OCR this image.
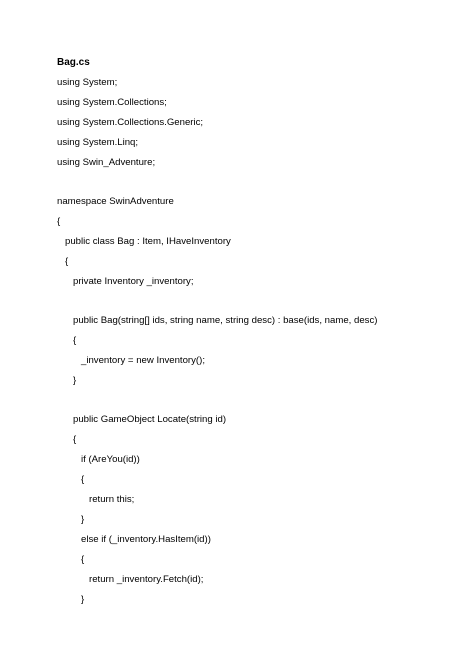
Bag.cs
using System;
using System.Collections;
using System.Collections.Generic;
using System.Linq;
using Swin_Adventure;
namespace SwinAdventure
{
public class Bag : Item, IHaveInventory
{
private Inventory _inventory;
public Bag(string[] ids, string name, string desc) : base(ids, name, desc)
{
_inventory = new Inventory();
}
public GameObject Locate(string id)
{
if (AreYou(id))
{
return this;
}
else if (_inventory.HasItem(id))
{
return _inventory.Fetch(id);
}
